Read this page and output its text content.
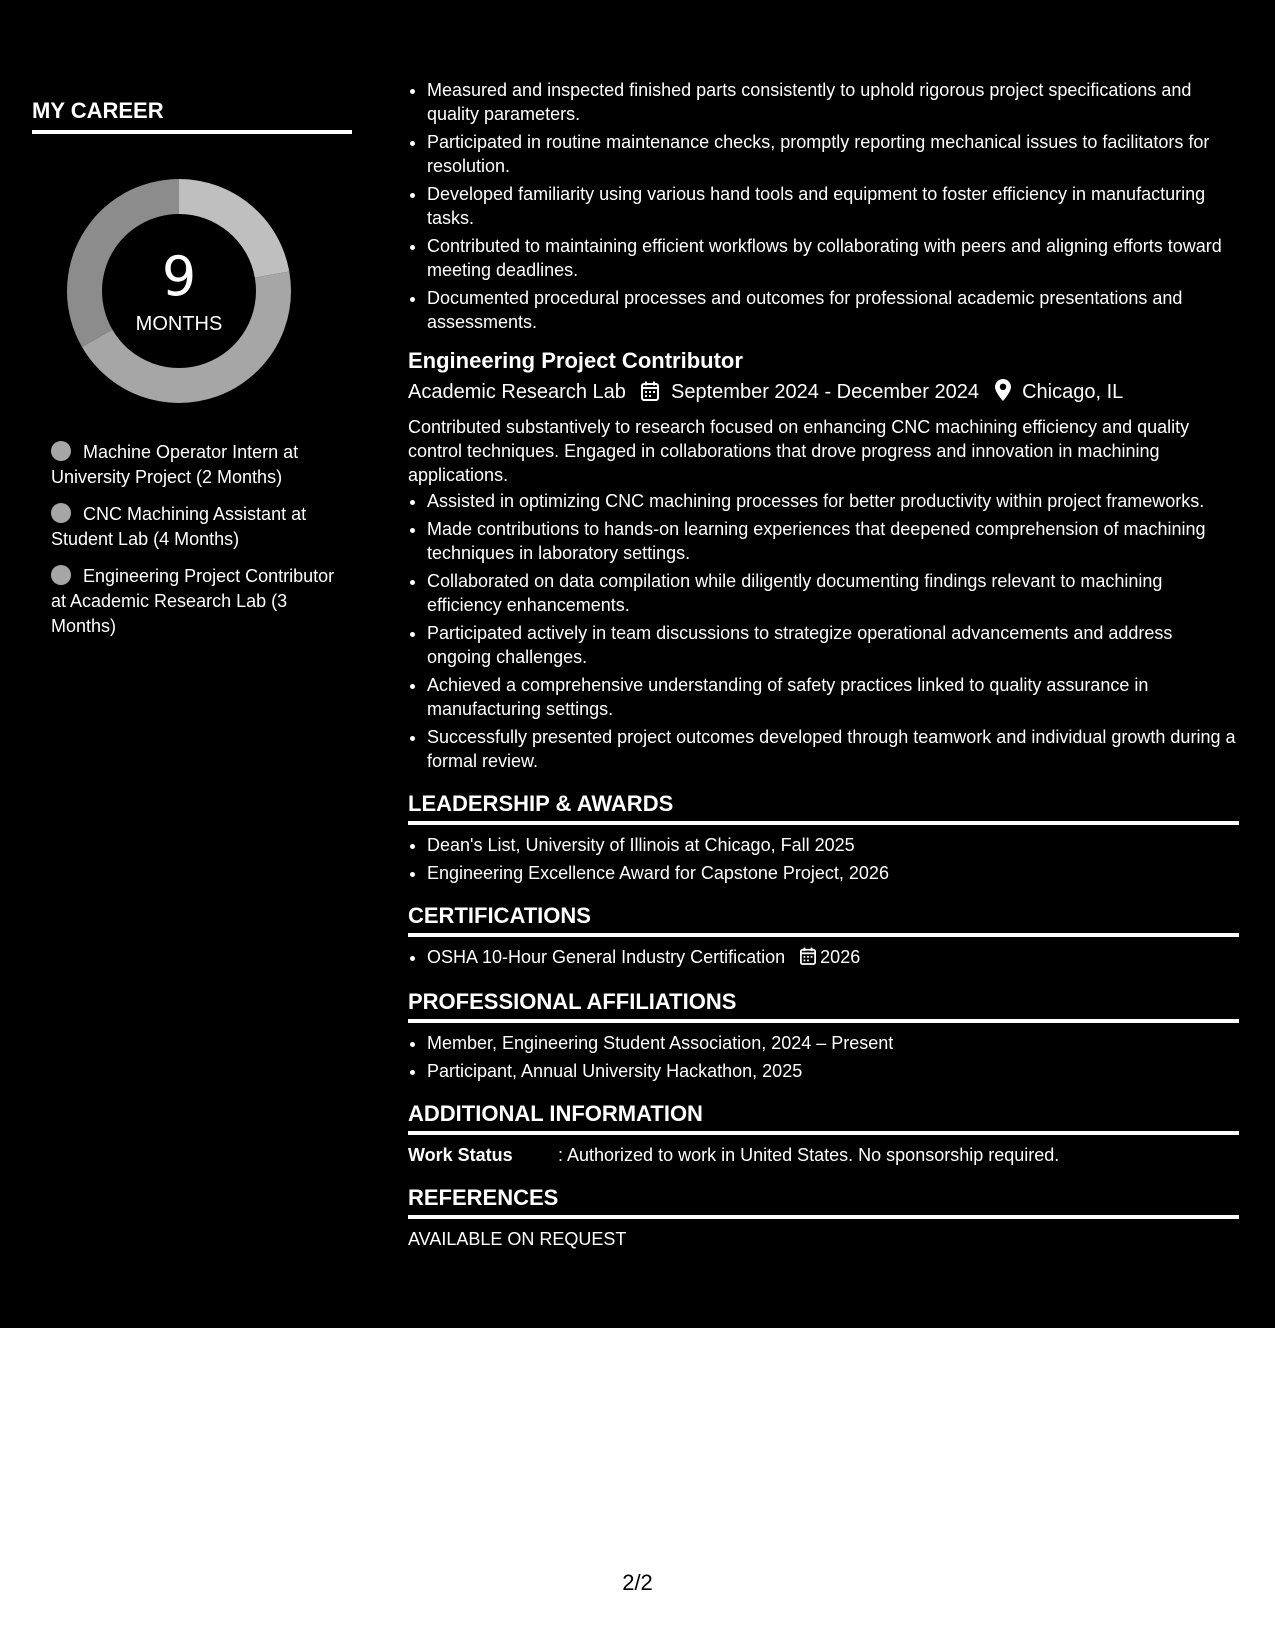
MY CAREER
9
MONTHS
Machine Operator Intern at University Project (2 Months)
CNC Machining Assistant at Student Lab (4 Months)
Engineering Project Contributor at Academic Research Lab (3 Months)
• Measured and inspected finished parts consistently to uphold rigorous project specifications and quality parameters.
• Participated in routine maintenance checks, promptly reporting mechanical issues to facilitators for resolution.
• Developed familiarity using various hand tools and equipment to foster efficiency in manufacturing tasks.
• Contributed to maintaining efficient workflows by collaborating with peers and aligning efforts toward meeting deadlines.
• Documented procedural processes and outcomes for professional academic presentations and assessments.
Engineering Project Contributor
Academic Research Lab September 2024 - December 2024 Chicago, IL

Contributed substantively to research focused on enhancing CNC machining efficiency and quality control techniques. Engaged in collaborations that drove progress and innovation in machining applications.

• Assisted in optimizing CNC machining processes for better productivity within project frameworks.
• Made contributions to hands-on learning experiences that deepened comprehension of machining techniques in laboratory settings.
• Collaborated on data compilation while diligently documenting findings relevant to machining efficiency enhancements.
• Participated actively in team discussions to strategize operational advancements and address ongoing challenges.
• Achieved a comprehensive understanding of safety practices linked to quality assurance in manufacturing settings.
• Successfully presented project outcomes developed through teamwork and individual growth during a formal review.
LEADERSHIP & AWARDS
• Dean's List, University of Illinois at Chicago, Fall 2025
• Engineering Excellence Award for Capstone Project, 2026
CERTIFICATIONS
• OSHA 10-Hour General Industry Certification 2026
PROFESSIONAL AFFILIATIONS
• Member, Engineering Student Association, 2024 – Present
• Participant, Annual University Hackathon, 2025
ADDITIONAL INFORMATION
Work Status	: Authorized to work in United States. No sponsorship required.
REFERENCES
AVAILABLE ON REQUEST
2/2
